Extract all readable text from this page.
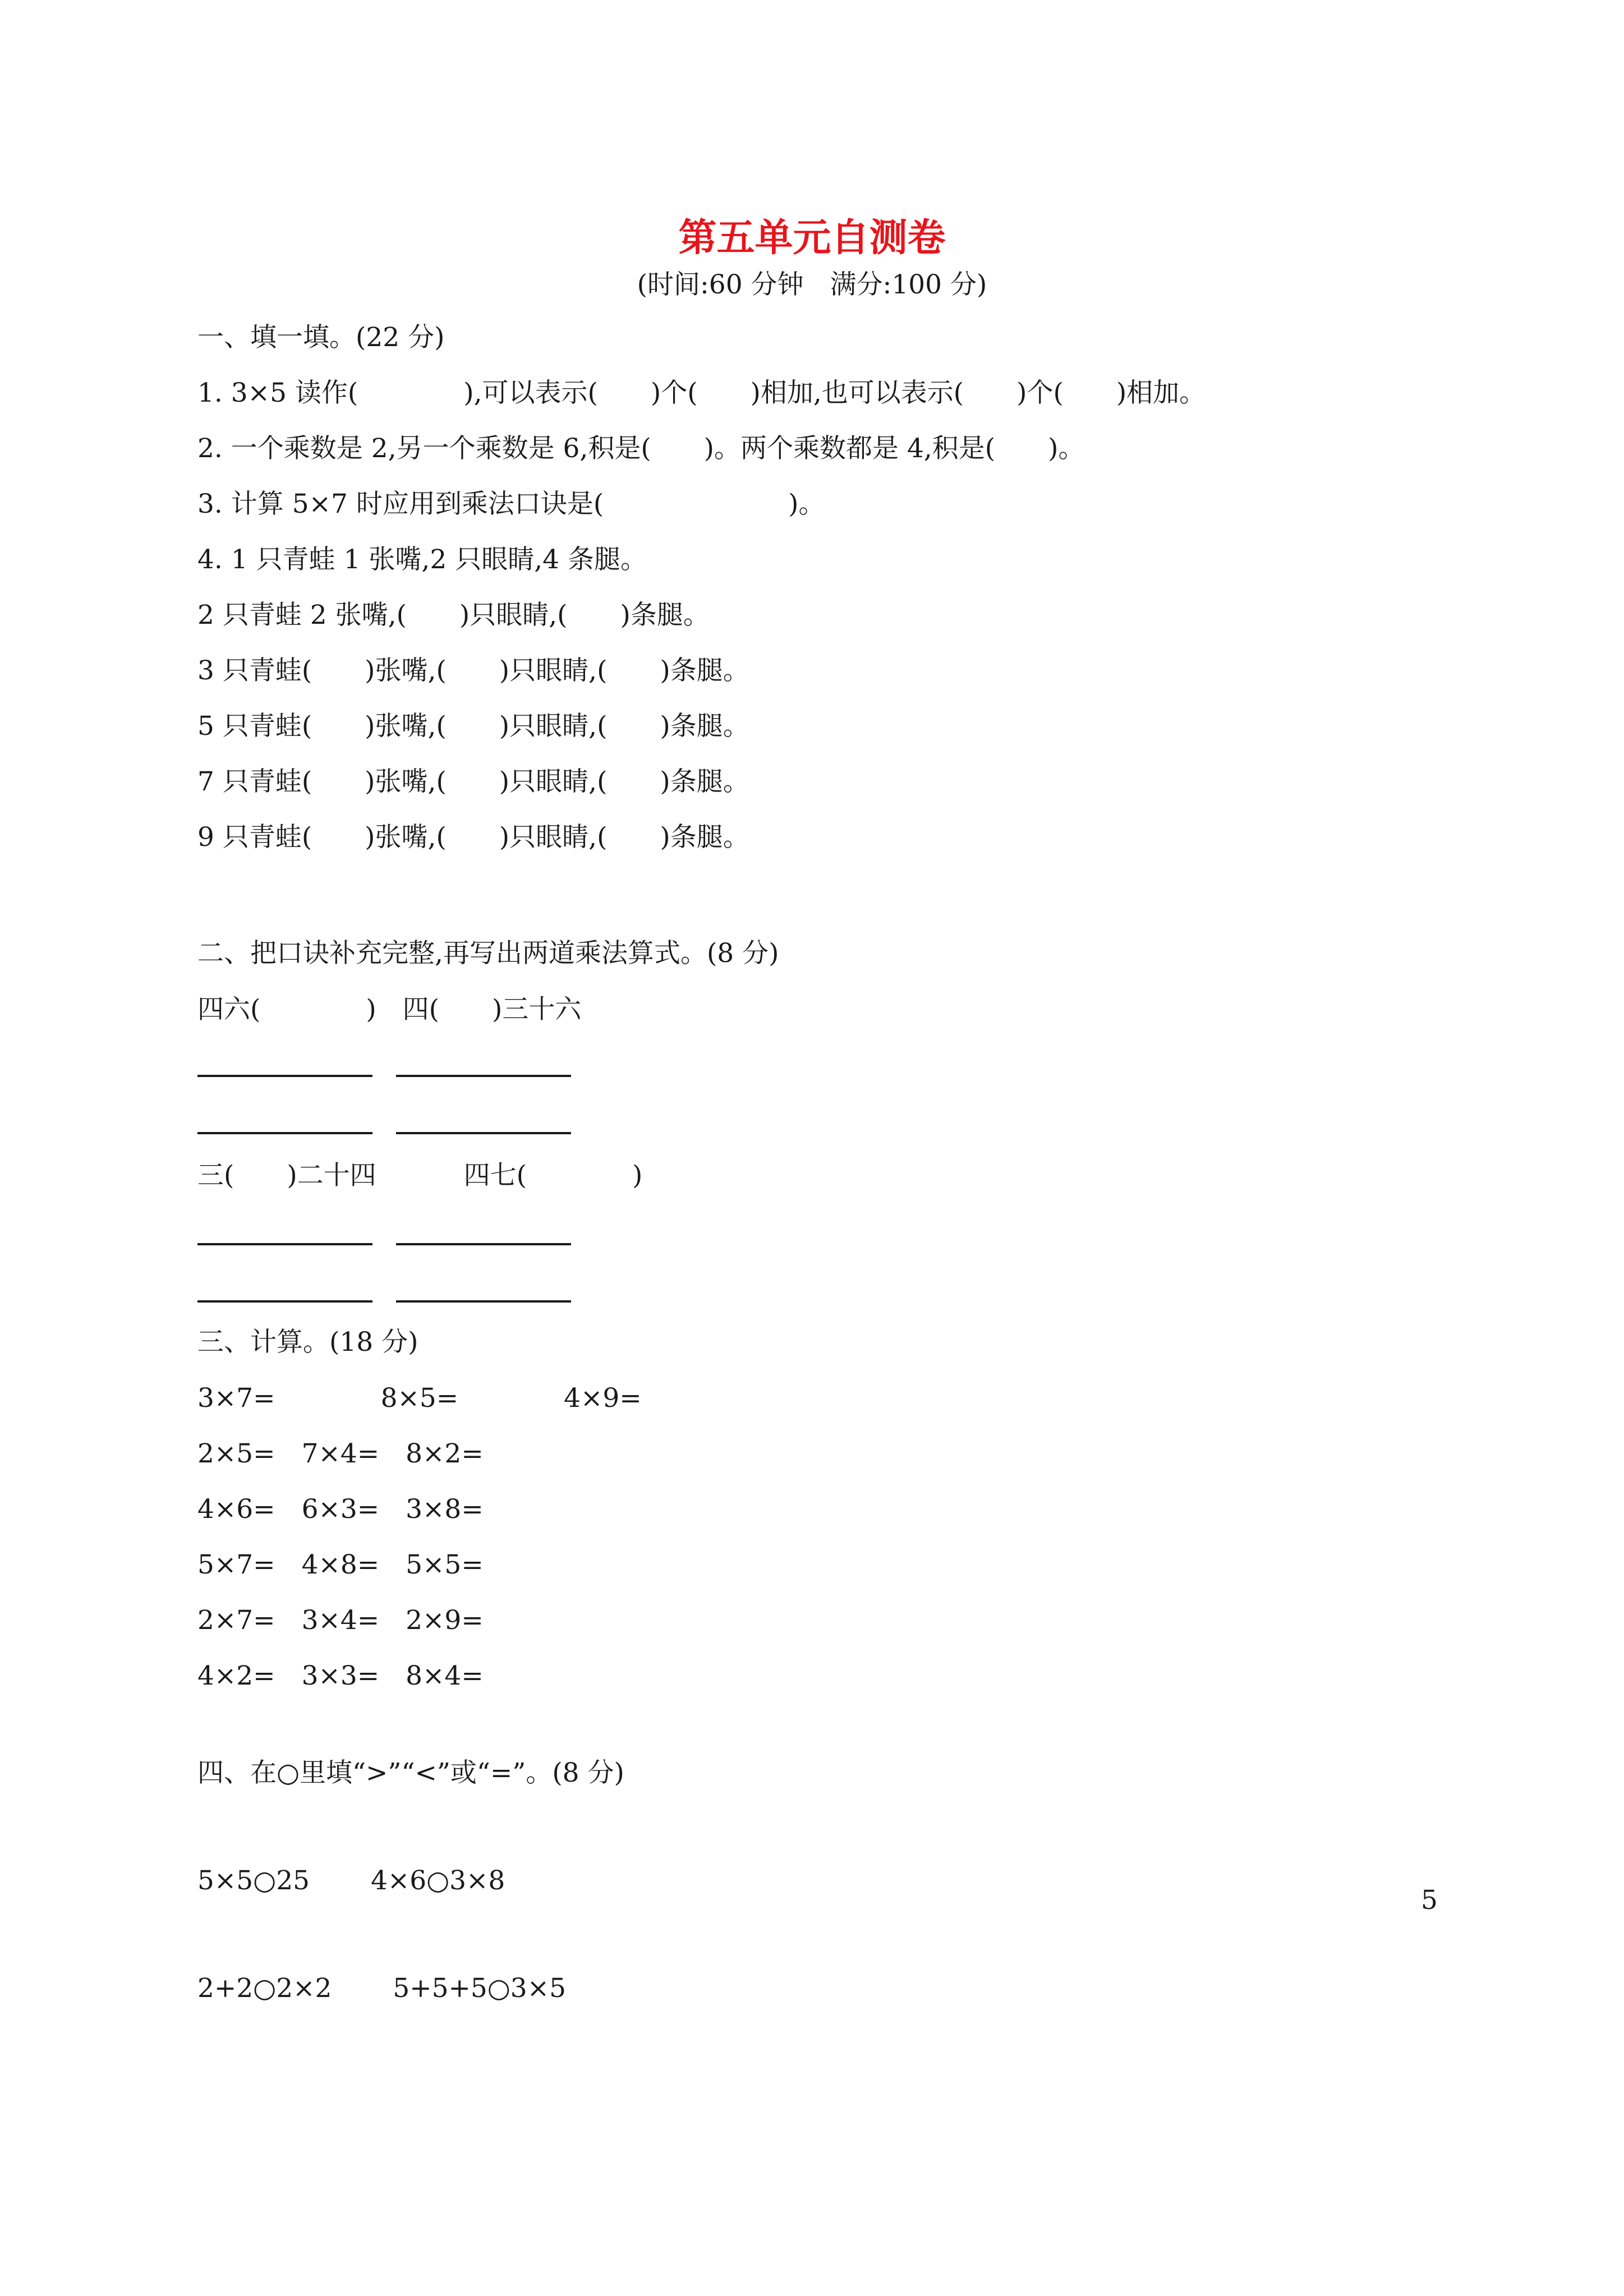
第五单元自测卷
(时间:60 分钟　满分:100 分)
一、填一填。(22 分)
1. 3×5 读作(　　　　),可以表示(　　)个(　　)相加,也可以表示(　　)个(　　)相加。
2. 一个乘数是 2,另一个乘数是 6,积是(　　)。两个乘数都是 4,积是(　　)。
3. 计算 5×7 时应用到乘法口诀是(　　　　　　　)。
4. 1 只青蛙 1 张嘴,2 只眼睛,4 条腿。
2 只青蛙 2 张嘴,(　　)只眼睛,(　　)条腿。
3 只青蛙(　　)张嘴,(　　)只眼睛,(　　)条腿。
5 只青蛙(　　)张嘴,(　　)只眼睛,(　　)条腿。
7 只青蛙(　　)张嘴,(　　)只眼睛,(　　)条腿。
9 只青蛙(　　)张嘴,(　　)只眼睛,(　　)条腿。
二、把口诀补充完整,再写出两道乘法算式。(8 分)
四六(　　　　)　四(　　)三十六
三(　　)二十四　　　 四七(　　　　)
三、计算。(18 分)
3×7=　　　　8×5=　　　　4×9=
2×5=　7×4=　8×2=
4×6=　6×3=　3×8=
5×7=　4×8=　5×5=
2×7=　3×4=　2×9=
4×2=　3×3=　8×4=
四、在○里填“>”“<”或“=”。(8 分)
5×5○25　　 4×6○3×8
2+2○2×2　　 5+5+5○3×5
5
